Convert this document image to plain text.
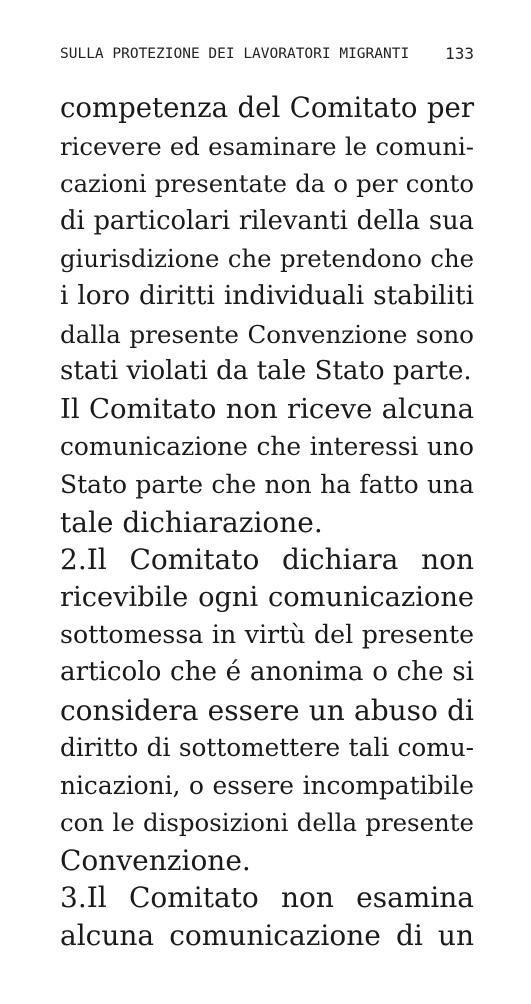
SULLA PROTEZIONE DEI LAVORATORI MIGRANTI 133
competenza del Comitato per
ricevere ed esaminare le comuni-
cazioni presentate da o per conto
di particolari rilevanti della sua
giurisdizione che pretendono che
i loro diritti individuali stabiliti
dalla presente Convenzione sono
stati violati da tale Stato parte.
Il Comitato non riceve alcuna
comunicazione che interessi uno
Stato parte che non ha fatto una
tale dichiarazione.
2.Il Comitato dichiara non
ricevibile ogni comunicazione
sottomessa in virtù del presente
articolo che é anonima o che si
considera essere un abuso di
diritto di sottomettere tali comu-
nicazioni, o essere incompatibile
con le disposizioni della presente
Convenzione.
3.Il Comitato non esamina
alcuna comunicazione di un
